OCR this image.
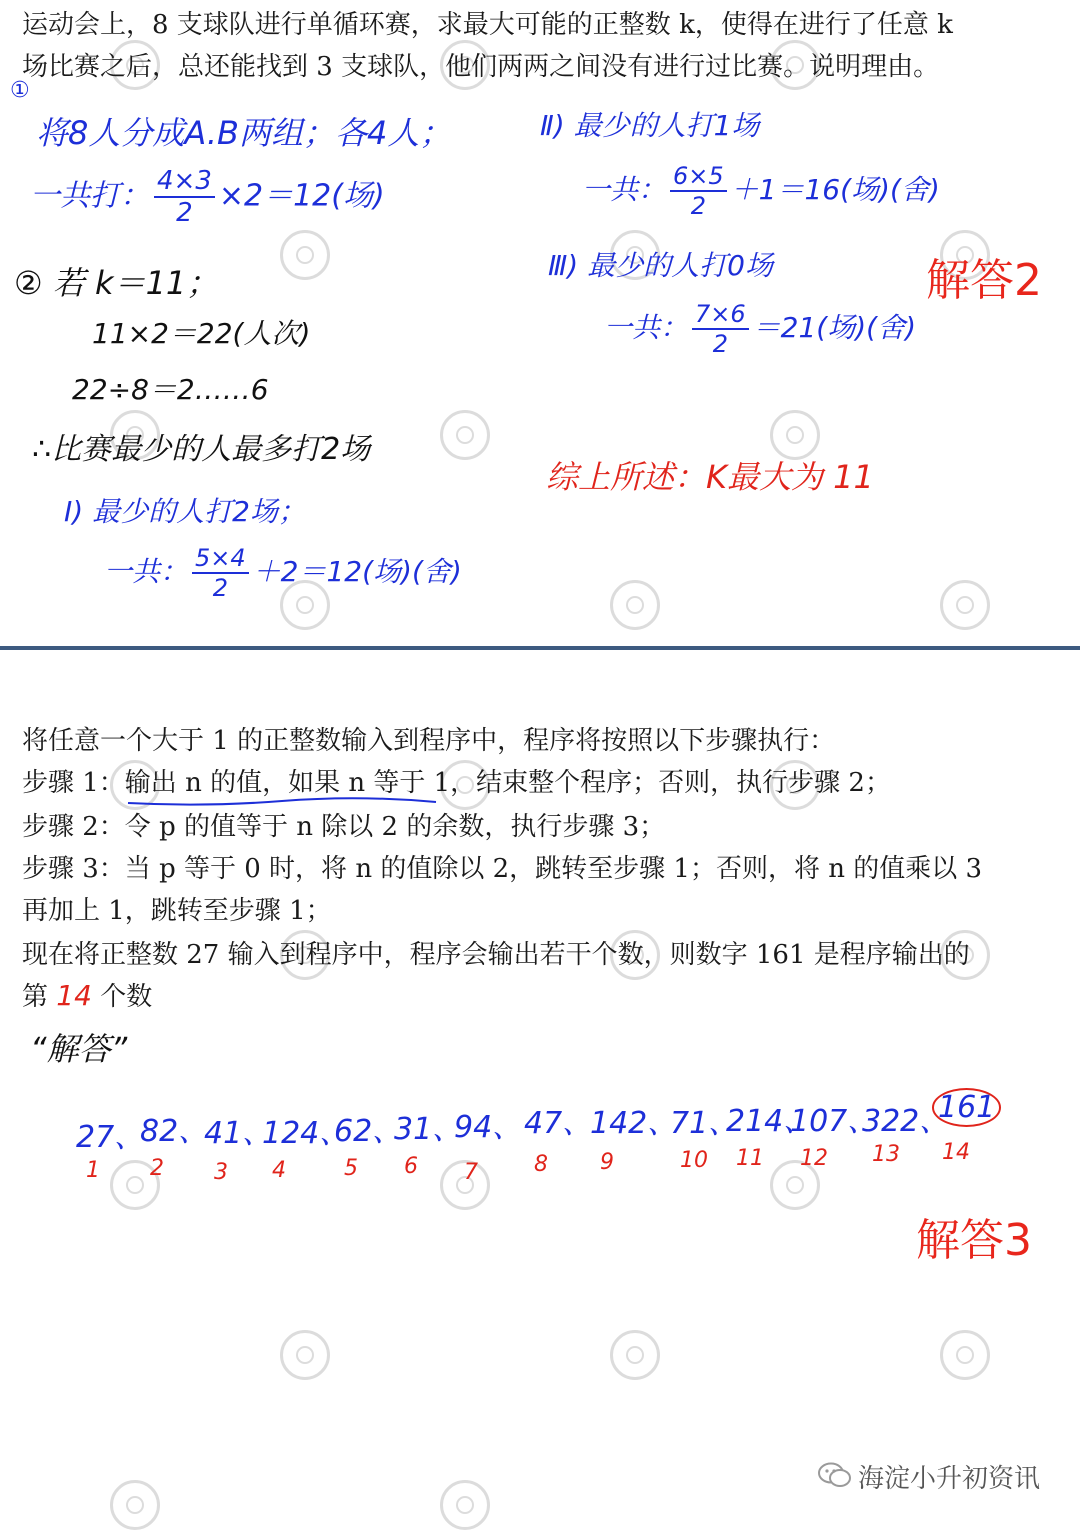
运动会上，8 支球队进行单循环赛，求最大可能的正整数 k，使得在进行了任意 k
场比赛之后，总还能找到 3 支球队，他们两两之间没有进行过比赛。说明理由。
①
将8人分成A.B两组；各4人；
一共打： $\frac{4\times 3}{2} \times 2=12$(场)
② 若 k＝11；
11×2＝22(人次)
22÷8＝2……6
∴比赛最少的人最多打2场
Ⅰ) 最少的人打2场；
一共： $\frac{5\times 4}{2} +2=12$(场)(舍)
Ⅱ) 最少的人打1场
一共： $\frac{6\times 5}{2} +1=16$(场)(舍)
Ⅲ) 最少的人打0场
一共： $\frac{7\times 6}{2} =21$(场)(舍)
解答2
综上所述：K最大为 11
将任意一个大于 1 的正整数输入到程序中，程序将按照以下步骤执行：
步骤 1：输出 n 的值，如果 n 等于 1，结束整个程序；否则，执行步骤 2；
步骤 2：令 p 的值等于 n 除以 2 的余数，执行步骤 3；
步骤 3：当 p 等于 0 时，将 n 的值除以 2，跳转至步骤 1；否则，将 n 的值乘以 3
再加上 1，跳转至步骤 1；
现在将正整数 27 输入到程序中，程序会输出若干个数，则数字 161 是程序输出的
第 14 个数
“解答”
27、
82、
41、
124、
62、
31、
94、 47、
142、
71、
214、
107、
322、
161
1 2 3 4	5 6 7	8 9	10 11 12 13 14
解答3
海淀小升初资讯
